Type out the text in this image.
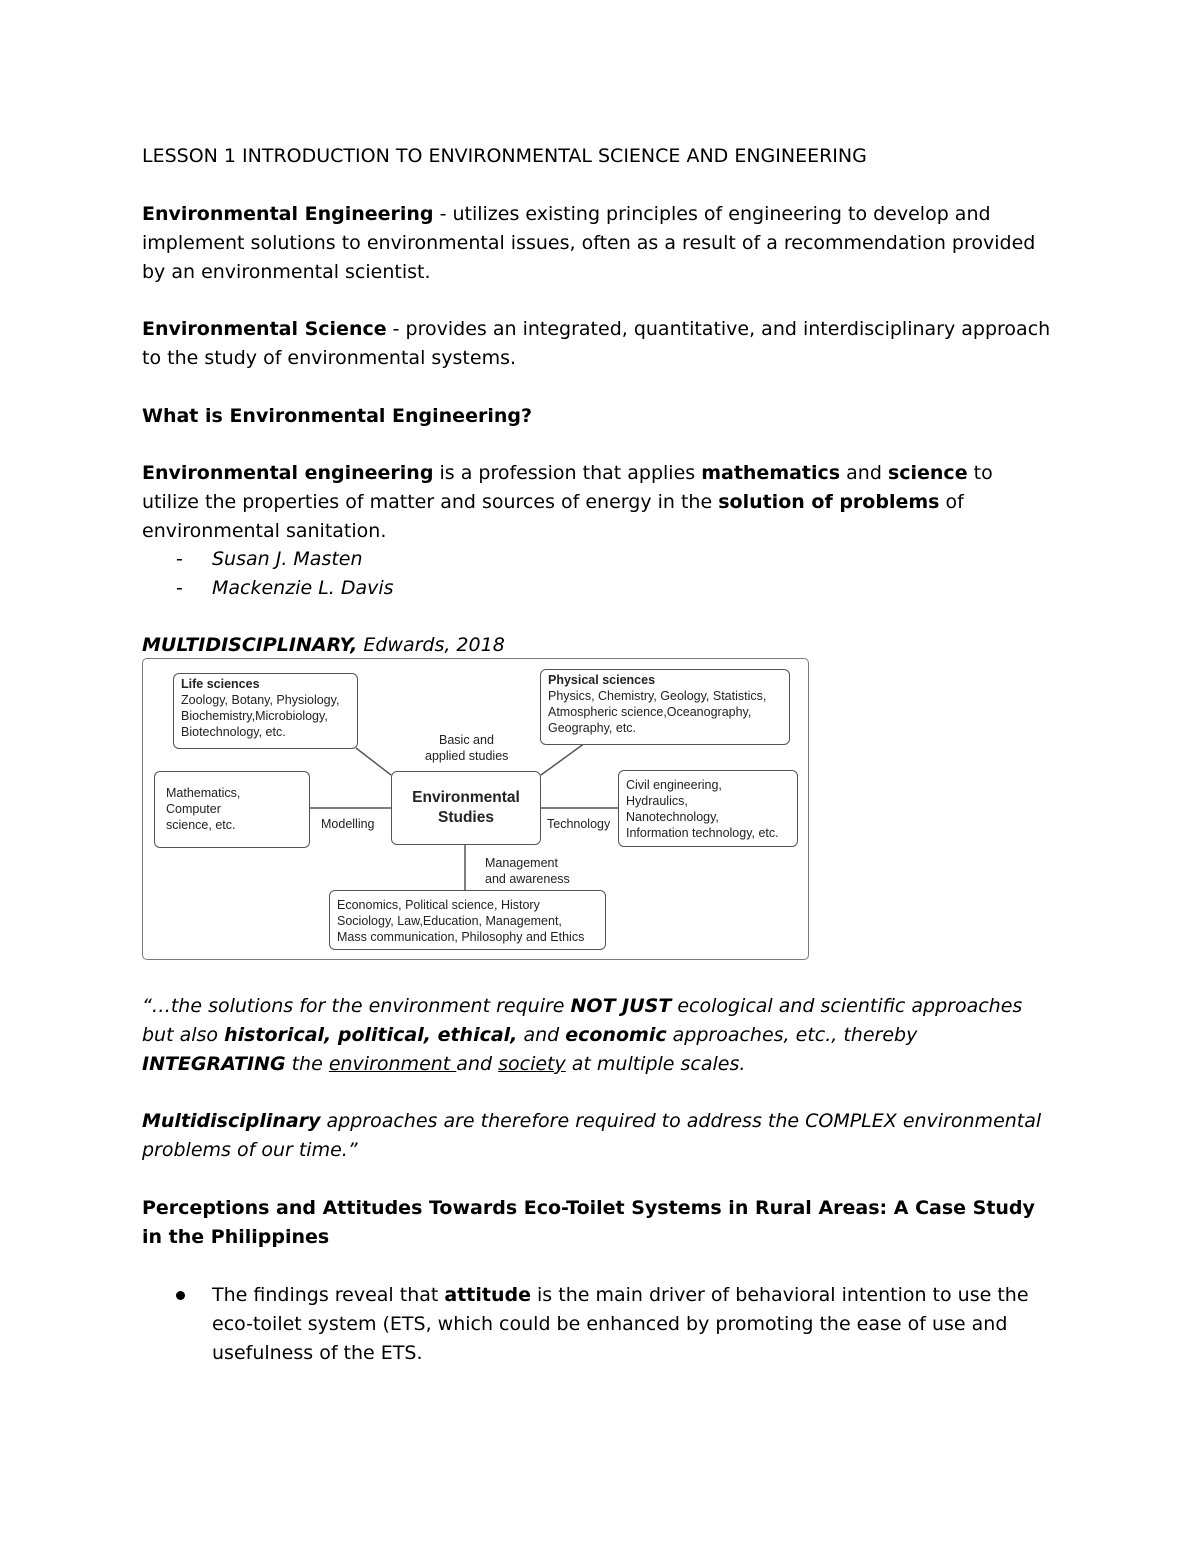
LESSON 1 INTRODUCTION TO ENVIRONMENTAL SCIENCE AND ENGINEERING

Environmental Engineering - utilizes existing principles of engineering to develop and implement solutions to environmental issues, often as a result of a recommendation provided by an environmental scientist.

Environmental Science - provides an integrated, quantitative, and interdisciplinary approach to the study of environmental systems.

What is Environmental Engineering?

Environmental engineering is a profession that applies mathematics and science to utilize the properties of matter and sources of energy in the solution of problems of environmental sanitation.

- Susan J. Masten
- Mackenzie L. Davis

MULTIDISCIPLINARY, Edwards, 2018

“…the solutions for the environment require NOT JUST ecological and scientific approaches but also historical, political, ethical, and economic approaches, etc., thereby INTEGRATING the environment and society at multiple scales.

Multidisciplinary approaches are therefore required to address the COMPLEX environmental problems of our time.”

Perceptions and Attitudes Towards Eco-Toilet Systems in Rural Areas: A Case Study in the Philippines

The findings reveal that attitude is the main driver of behavioral intention to use the eco-toilet system (ETS, which could be enhanced by promoting the ease of use and usefulness of the ETS.

Life sciences
Zoology, Botany, Physiology,
Biochemistry,Microbiology,
Biotechnology, etc.
Physical sciences
Physics, Chemistry, Geology, Statistics,
Atmospheric science,Oceanography,
Geography, etc.
Mathematics,
Computer
science, etc.
Civil engineering,
Hydraulics,
Nanotechnology,
Information technology, etc.
Economics, Political science, History
Sociology, Law,Education, Management,
Mass communication, Philosophy and Ethics
Environmental
Studies
Basic and
applied studies
Modelling	Technology
Management
and awareness
